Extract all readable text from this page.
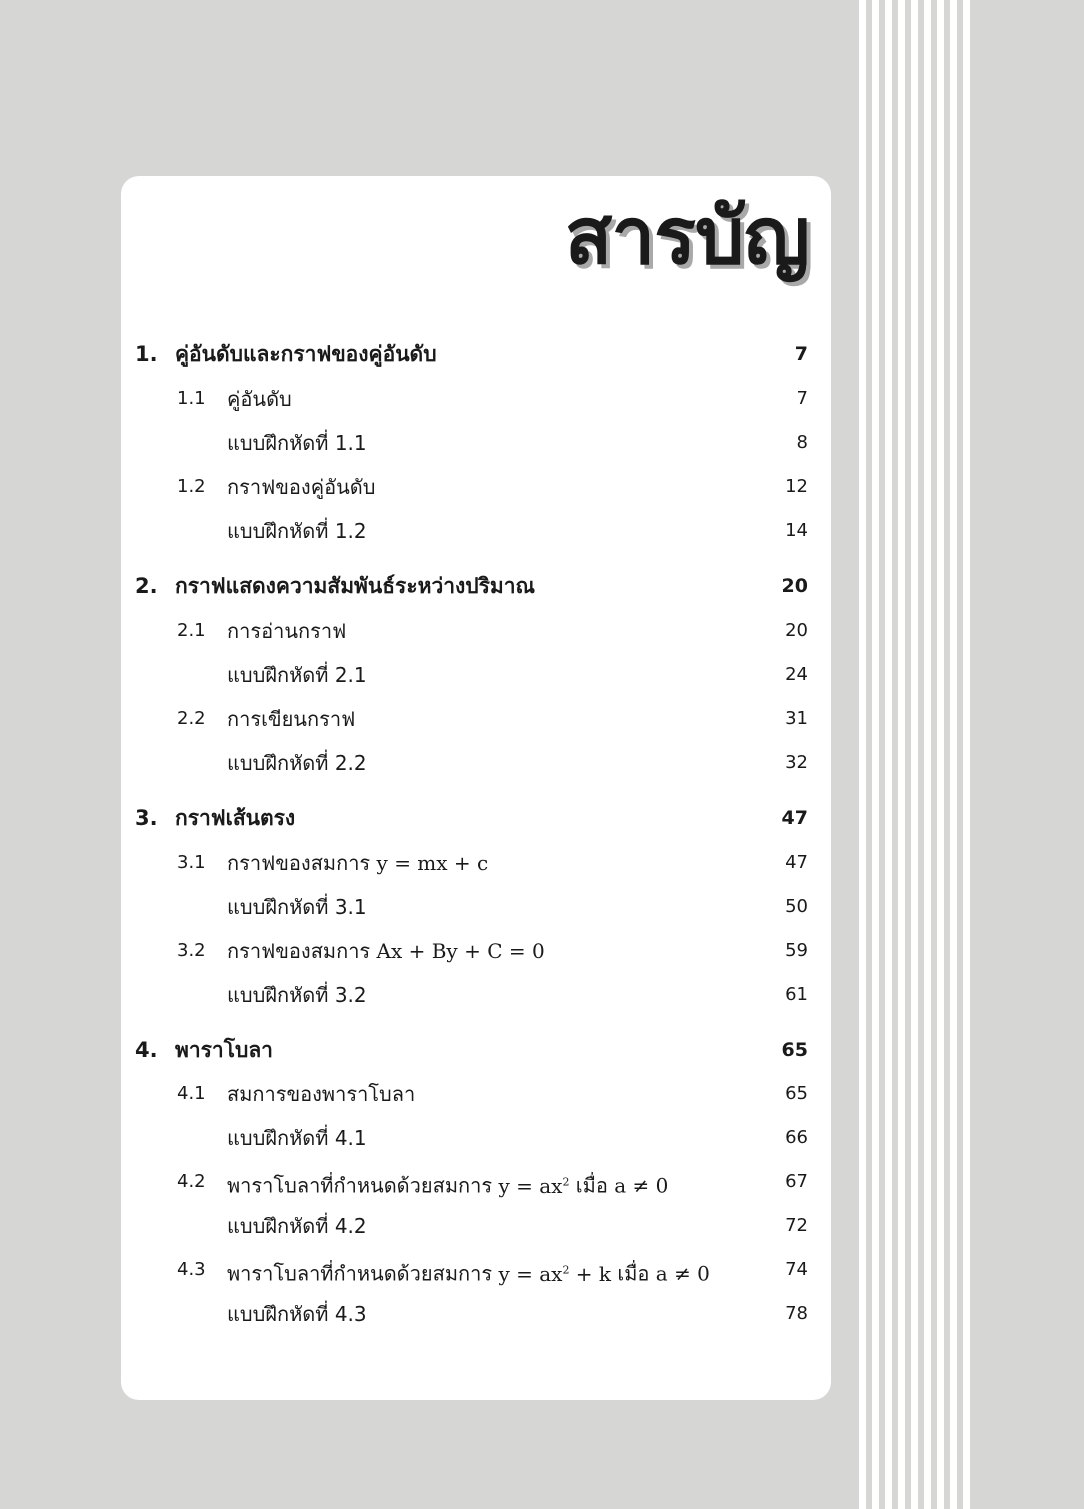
สารบัญ
1. คู่อันดับและกราฟของคู่อันดับ	7
1.1 คู่อันดับ	7
แบบฝึกหัดที่ 1.1	8
1.2 กราฟของคู่อันดับ	12
แบบฝึกหัดที่ 1.2	14
2. กราฟแสดงความสัมพันธ์ระหว่างปริมาณ	20
2.1 การอ่านกราฟ	20
แบบฝึกหัดที่ 2.1	24
2.2 การเขียนกราฟ	31
แบบฝึกหัดที่ 2.2	32
3. กราฟเส้นตรง	47
3.1 กราฟของสมการ y = mx + c	47
แบบฝึกหัดที่ 3.1	50
3.2 กราฟของสมการ Ax + By + C = 0	59
แบบฝึกหัดที่ 3.2	61
4. พาราโบลา	65
4.1 สมการของพาราโบลา	65
แบบฝึกหัดที่ 4.1	66
4.2 พาราโบลาที่กำหนดด้วยสมการ $y = ax^2$ เมื่อ a ≠ 0	67
แบบฝึกหัดที่ 4.2	72
4.3 พาราโบลาที่กำหนดด้วยสมการ $y = ax^2 + k$ เมื่อ a ≠ 0	74
แบบฝึกหัดที่ 4.3	78
